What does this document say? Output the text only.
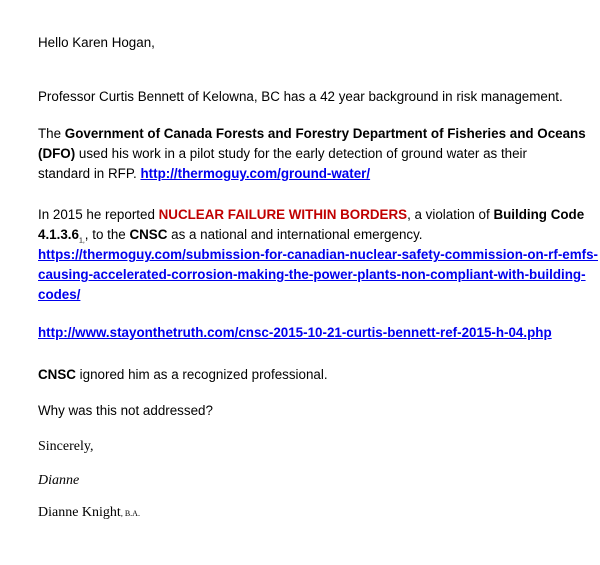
Hello Karen Hogan,
Professor Curtis Bennett of Kelowna, BC has a 42 year background in risk management.
The Government of Canada Forests and Forestry Department of Fisheries and Oceans
(DFO) used his work in a pilot study for the early detection of ground water as their
standard in RFP. http://thermoguy.com/ground-water/
In 2015 he reported NUCLEAR FAILURE WITHIN BORDERS, a violation of Building Code
$4.1.3.6_{1,}$, to the CNSC as a national and international emergency.
https://thermoguy.com/submission-for-canadian-nuclear-safety-commission-on-rf-emfs-
causing-accelerated-corrosion-making-the-power-plants-non-compliant-with-building-
codes/
http://www.stayonthetruth.com/cnsc-2015-10-21-curtis-bennett-ref-2015-h-04.php
CNSC ignored him as a recognized professional.
Why was this not addressed?
Sincerely,
Dianne
Dianne Knight, B.A.
